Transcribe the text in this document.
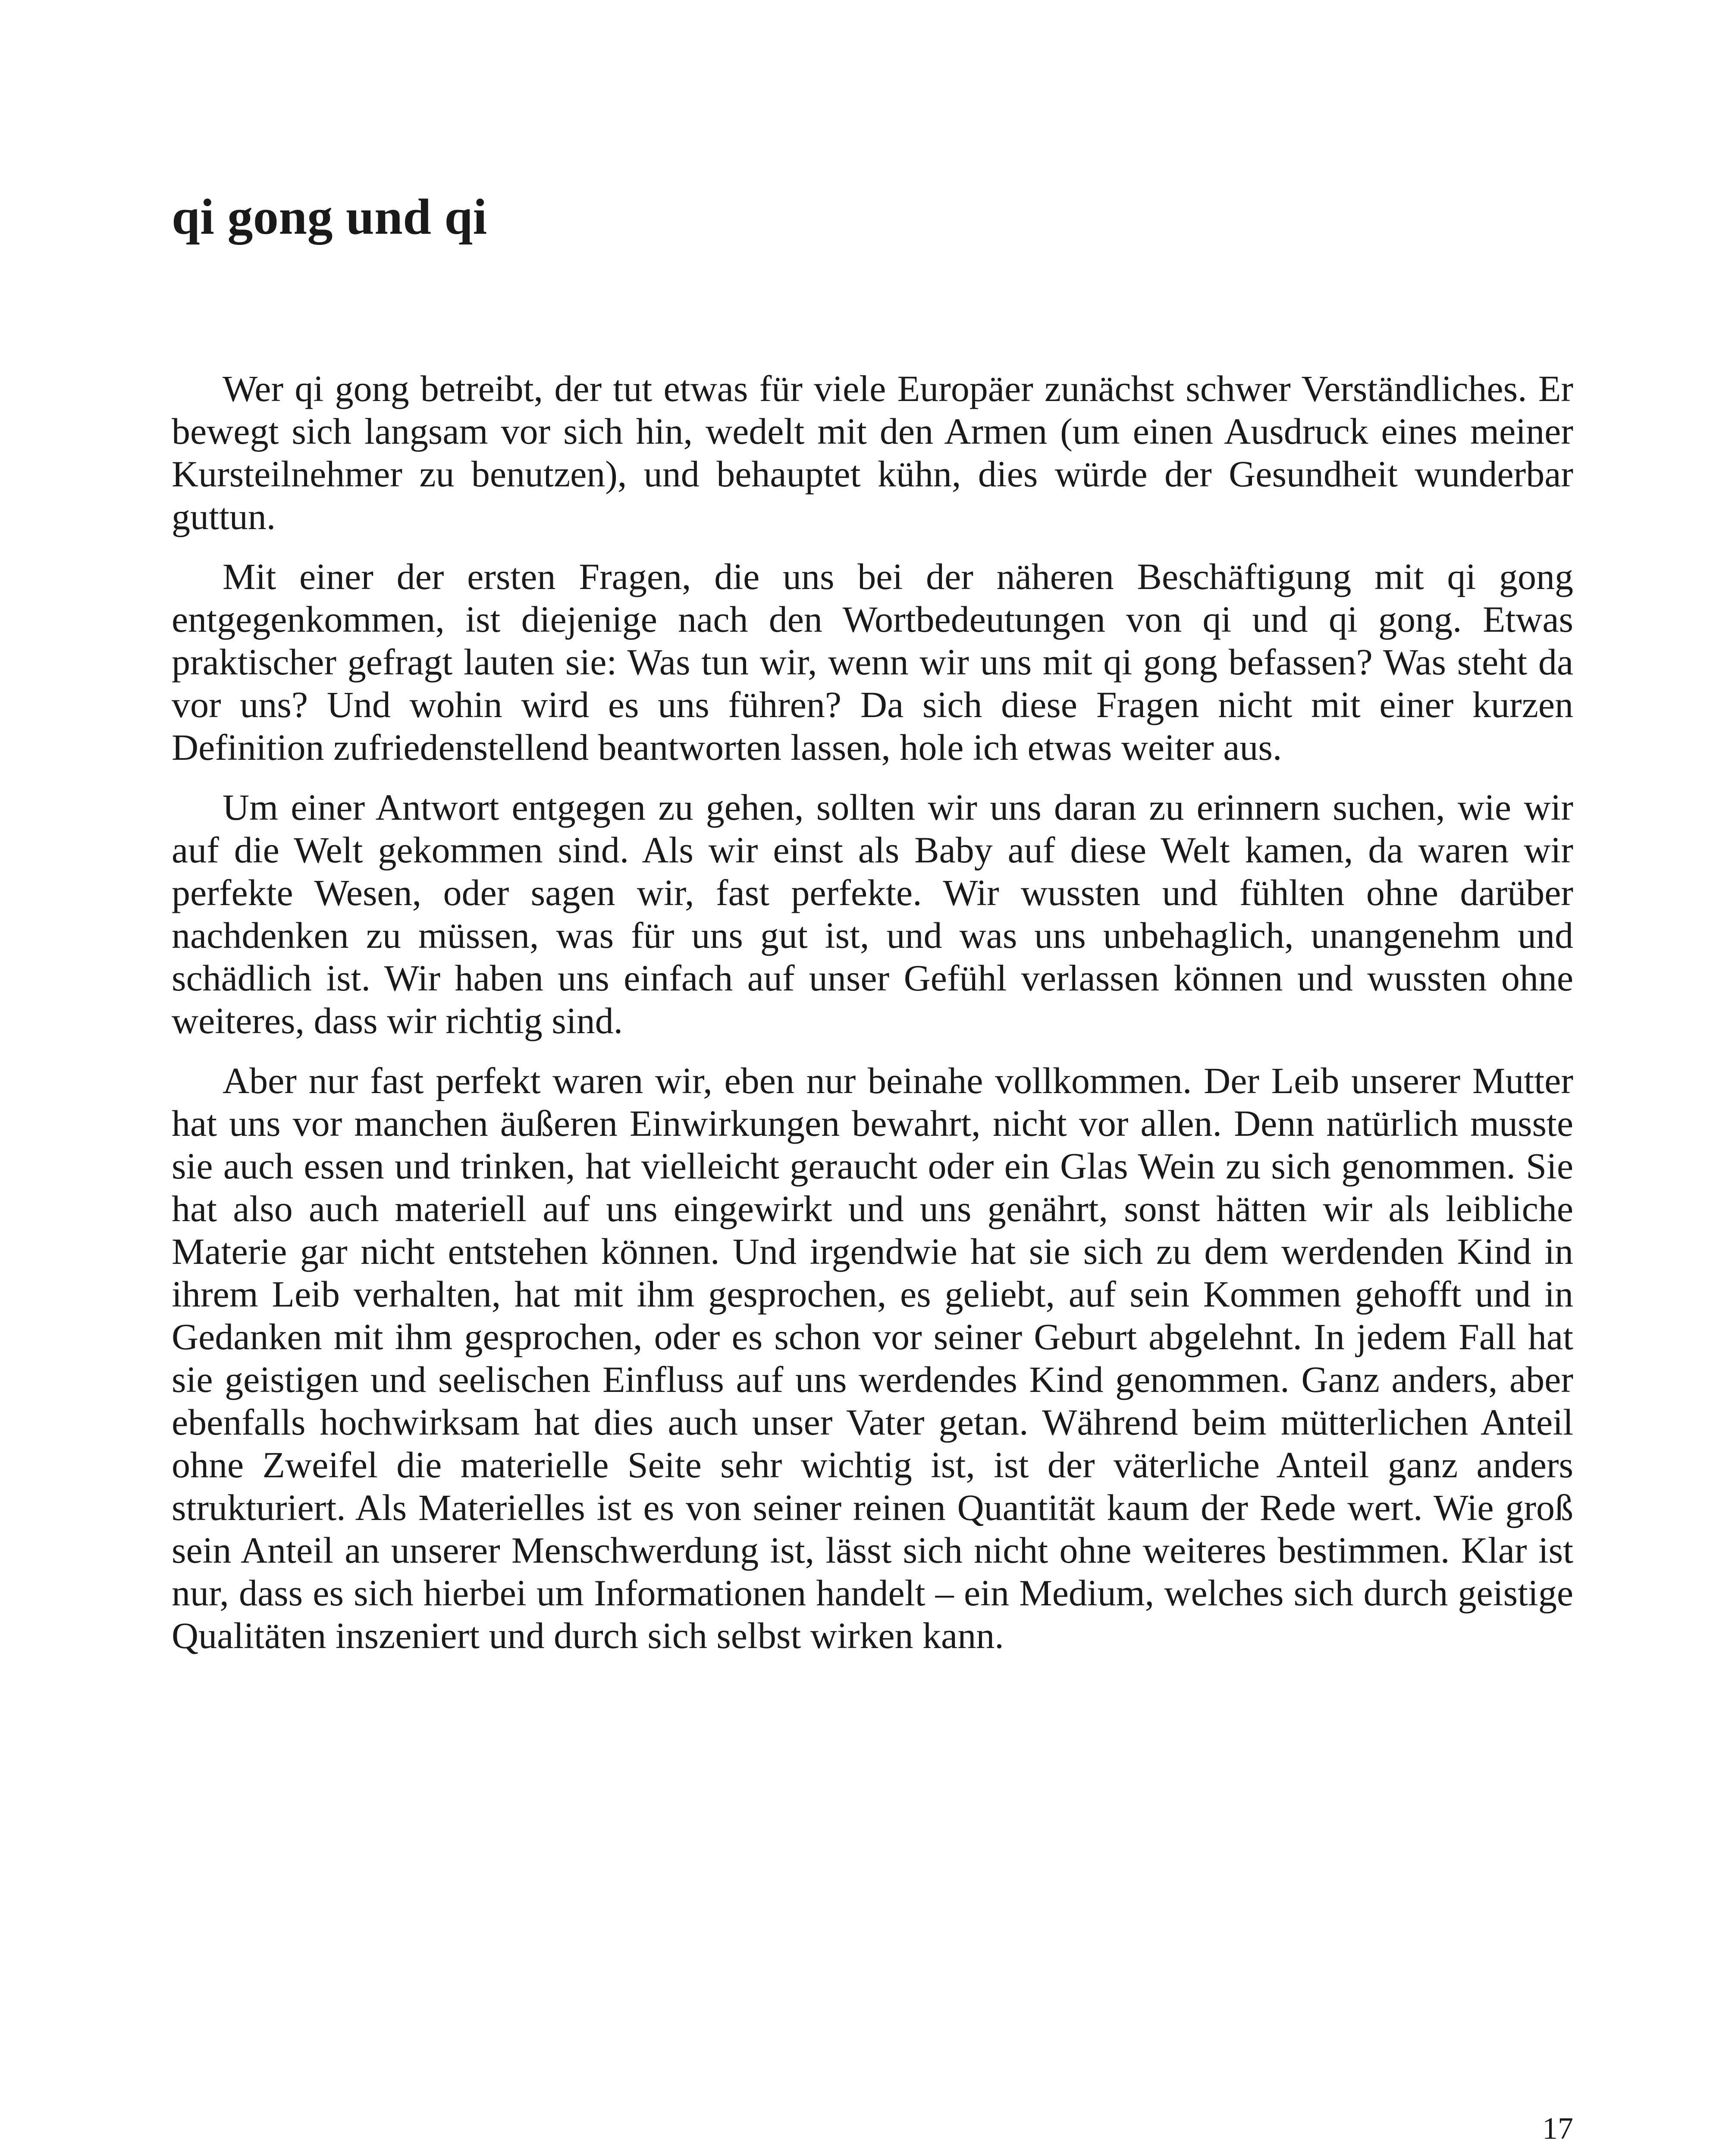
qi gong und qi

Wer qi gong betreibt, der tut etwas für viele Europäer zunächst schwer Verständliches. Er bewegt sich langsam vor sich hin, wedelt mit den Armen (um einen Ausdruck eines meiner Kursteilnehmer zu benutzen), und behauptet kühn, dies würde der Gesundheit wunderbar guttun.

Mit einer der ersten Fragen, die uns bei der näheren Beschäftigung mit qi gong entgegenkommen, ist diejenige nach den Wortbedeutungen von qi und qi gong. Etwas praktischer gefragt lauten sie: Was tun wir, wenn wir uns mit qi gong befassen? Was steht da vor uns? Und wohin wird es uns führen? Da sich diese Fragen nicht mit einer kurzen Definition zufriedenstellend beantworten lassen, hole ich etwas weiter aus.

Um einer Antwort entgegen zu gehen, sollten wir uns daran zu erinnern suchen, wie wir auf die Welt gekommen sind. Als wir einst als Baby auf diese Welt kamen, da waren wir perfekte Wesen, oder sagen wir, fast perfekte. Wir wussten und fühlten ohne darüber nachdenken zu müssen, was für uns gut ist, und was uns unbehaglich, unangenehm und schädlich ist. Wir haben uns einfach auf unser Gefühl verlassen können und wussten ohne weiteres, dass wir richtig sind.

Aber nur fast perfekt waren wir, eben nur beinahe vollkommen. Der Leib unserer Mutter hat uns vor manchen äußeren Einwirkungen bewahrt, nicht vor allen. Denn natürlich musste sie auch essen und trinken, hat vielleicht geraucht oder ein Glas Wein zu sich genommen. Sie hat also auch materiell auf uns eingewirkt und uns genährt, sonst hätten wir als leibliche Materie gar nicht entstehen können. Und irgendwie hat sie sich zu dem werdenden Kind in ihrem Leib verhalten, hat mit ihm gesprochen, es geliebt, auf sein Kommen gehofft und in Gedanken mit ihm gesprochen, oder es schon vor seiner Geburt abgelehnt. In jedem Fall hat sie geistigen und seelischen Einfluss auf uns werdendes Kind genommen. Ganz anders, aber ebenfalls hochwirksam hat dies auch unser Vater getan. Während beim mütterlichen Anteil ohne Zweifel die materielle Seite sehr wichtig ist, ist der väterliche Anteil ganz anders strukturiert. Als Materielles ist es von seiner reinen Quantität kaum der Rede wert. Wie groß sein Anteil an unserer Menschwerdung ist, lässt sich nicht ohne weiteres bestimmen. Klar ist nur, dass es sich hierbei um Informationen handelt – ein Medium, welches sich durch geistige Qualitäten inszeniert und durch sich selbst wirken kann.

17
